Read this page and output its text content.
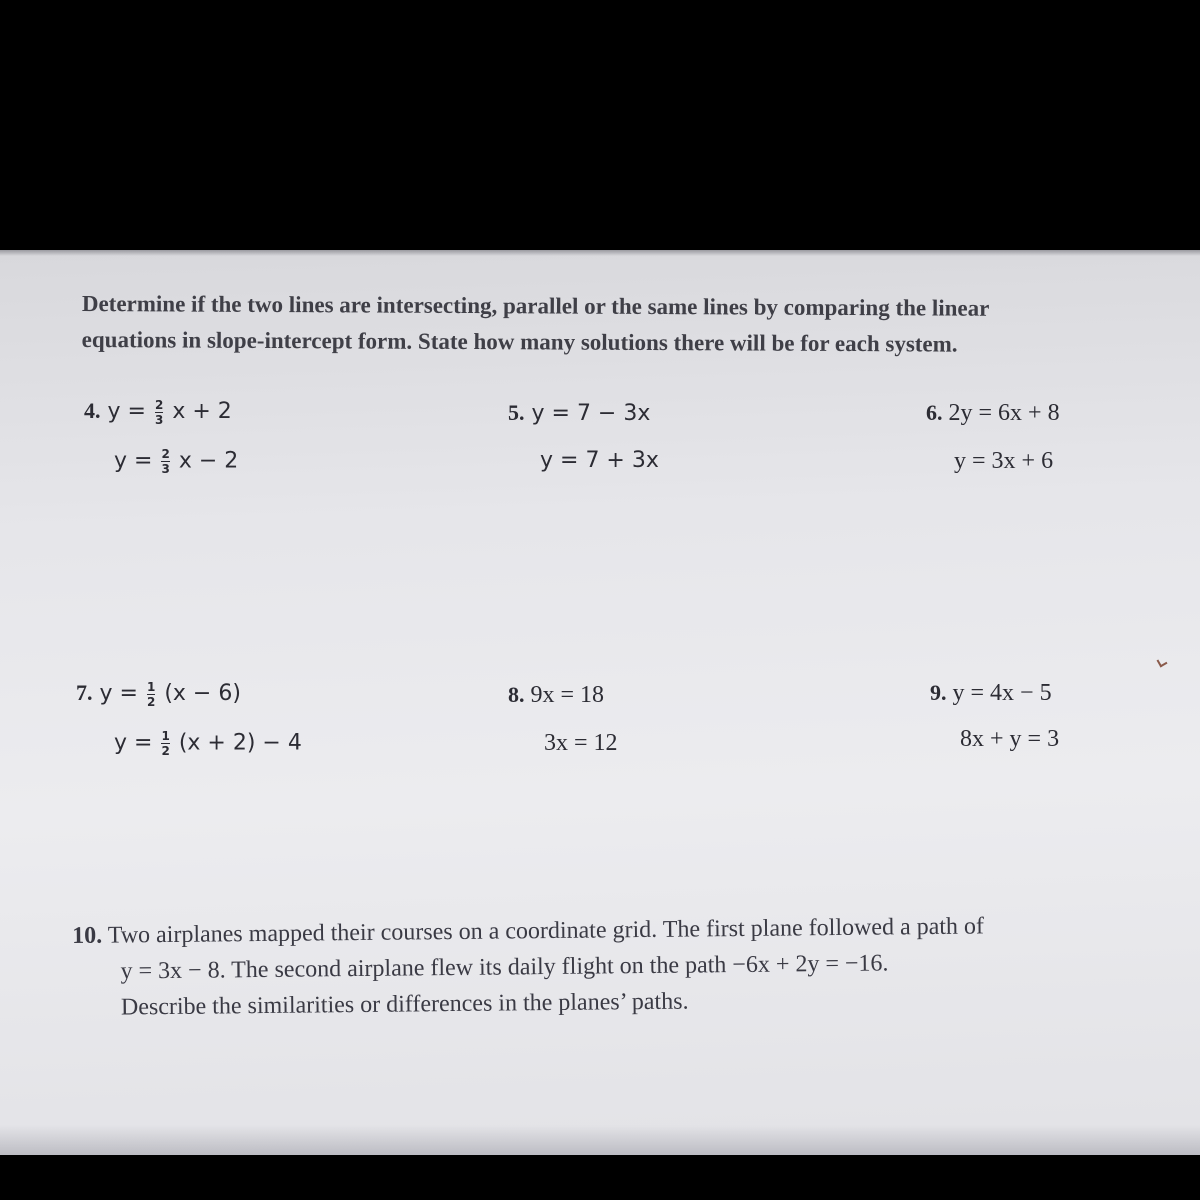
Determine if the two lines are intersecting, parallel or the same lines by comparing the linear
equations in slope-intercept form. State how many solutions there will be for each system.
4. $y = \frac{2}{3}$ x + 2
$y = \frac{2}{3}$ x − 2
5. y = 7 − 3x
y = 7 + 3x
6. 2y = 6x + 8
y = 3x + 6
7. $y = \frac{1}{2} (x - 6)$
$y = \frac{1}{2} (x + 2) - 4$
8. 9x = 18
3x = 12
9. y = 4x − 5
8x + y = 3
10. Two airplanes mapped their courses on a coordinate grid. The first plane followed a path of
y = 3x − 8. The second airplane flew its daily flight on the path −6x + 2y = −16.
Describe the similarities or differences in the planes’ paths.
